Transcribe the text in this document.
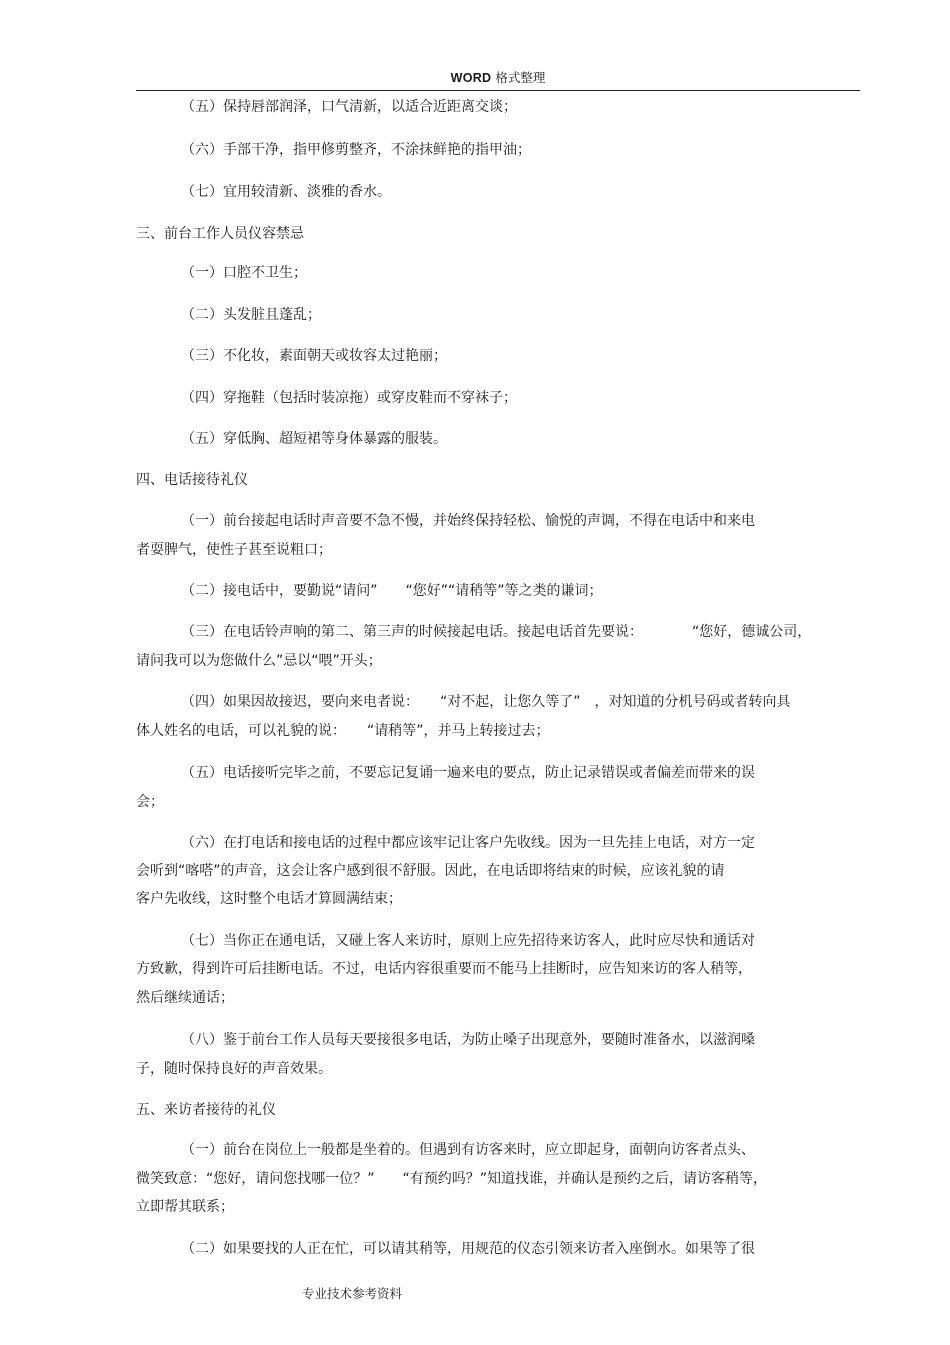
WORD 格式整理
（五）保持唇部润泽，口气清新，以适合近距离交谈；
（六）手部干净，指甲修剪整齐，不涂抹鲜艳的指甲油；
（七）宜用较清新、淡雅的香水。
三、前台工作人员仪容禁忌
（一）口腔不卫生；
（二）头发脏且蓬乱；
（三）不化妆，素面朝天或妆容太过艳丽；
（四）穿拖鞋（包括时装凉拖）或穿皮鞋而不穿袜子；
（五）穿低胸、超短裙等身体暴露的服装。
四、电话接待礼仪
（一）前台接起电话时声音要不急不慢，并始终保持轻松、愉悦的声调，不得在电话中和来电
者耍脾气，使性子甚至说粗口；
（二）接电话中，要勤说“请问”　　“您好”“请稍等”等之类的谦词；
（三）在电话铃声响的第二、第三声的时候接起电话。接起电话首先要说：　　　　“您好，德诚公司，
请问我可以为您做什么”忌以“喂”开头；
（四）如果因故接迟，要向来电者说：　　“对不起，让您久等了”　，对知道的分机号码或者转向具
体人姓名的电话，可以礼貌的说：　　“请稍等”，并马上转接过去；
（五）电话接听完毕之前，不要忘记复诵一遍来电的要点，防止记录错误或者偏差而带来的误
会；
（六）在打电话和接电话的过程中都应该牢记让客户先收线。因为一旦先挂上电话，对方一定
会听到“喀嗒”的声音，这会让客户感到很不舒服。因此，在电话即将结束的时候，应该礼貌的请
客户先收线，这时整个电话才算圆满结束；
（七）当你正在通电话，又碰上客人来访时，原则上应先招待来访客人，此时应尽快和通话对
方致歉，得到许可后挂断电话。不过，电话内容很重要而不能马上挂断时，应告知来访的客人稍等，
然后继续通话；
（八）鉴于前台工作人员每天要接很多电话，为防止嗓子出现意外，要随时准备水，以滋润嗓
子，随时保持良好的声音效果。
五、来访者接待的礼仪
（一）前台在岗位上一般都是坐着的。但遇到有访客来时，应立即起身，面朝向访客者点头、
微笑致意：“您好，请问您找哪一位？”　　“有预约吗？”知道找谁，并确认是预约之后，请访客稍等，
立即帮其联系；
（二）如果要找的人正在忙，可以请其稍等，用规范的仪态引领来访者入座倒水。如果等了很
专业技术参考资料
